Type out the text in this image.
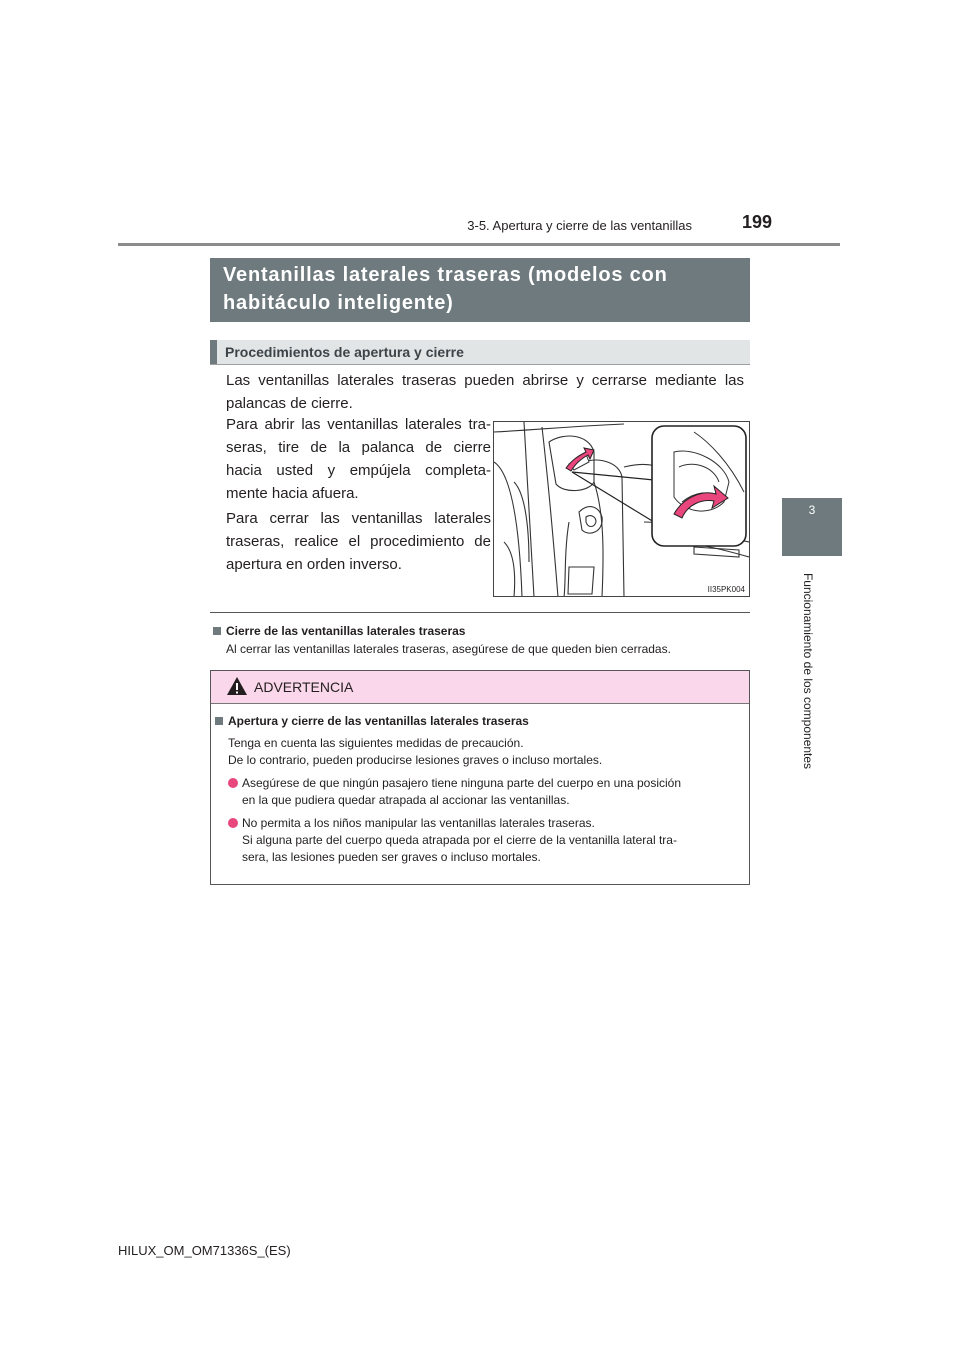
3-5. Apertura y cierre de las ventanillas	199
3
Funcionamiento de los componentes
Ventanillas laterales traseras (modelos con
habitáculo inteligente)
Procedimientos de apertura y cierre
Las ventanillas laterales traseras pueden abrirse y cerrarse mediante las
palancas de cierre.
Para abrir las ventanillas laterales tra-
seras, tire de la palanca de cierre
hacia usted y empújela completa-
mente hacia afuera.
Para cerrar las ventanillas laterales
traseras, realice el procedimiento de
apertura en orden inverso.
II35PK004
Cierre de las ventanillas laterales traseras
Al cerrar las ventanillas laterales traseras, asegúrese de que queden bien cerradas.
ADVERTENCIA
Apertura y cierre de las ventanillas laterales traseras
Tenga en cuenta las siguientes medidas de precaución.
De lo contrario, pueden producirse lesiones graves o incluso mortales.
Asegúrese de que ningún pasajero tiene ninguna parte del cuerpo en una posición
en la que pudiera quedar atrapada al accionar las ventanillas.
No permita a los niños manipular las ventanillas laterales traseras.
Si alguna parte del cuerpo queda atrapada por el cierre de la ventanilla lateral tra-
sera, las lesiones pueden ser graves o incluso mortales.
HILUX_OM_OM71336S_(ES)
